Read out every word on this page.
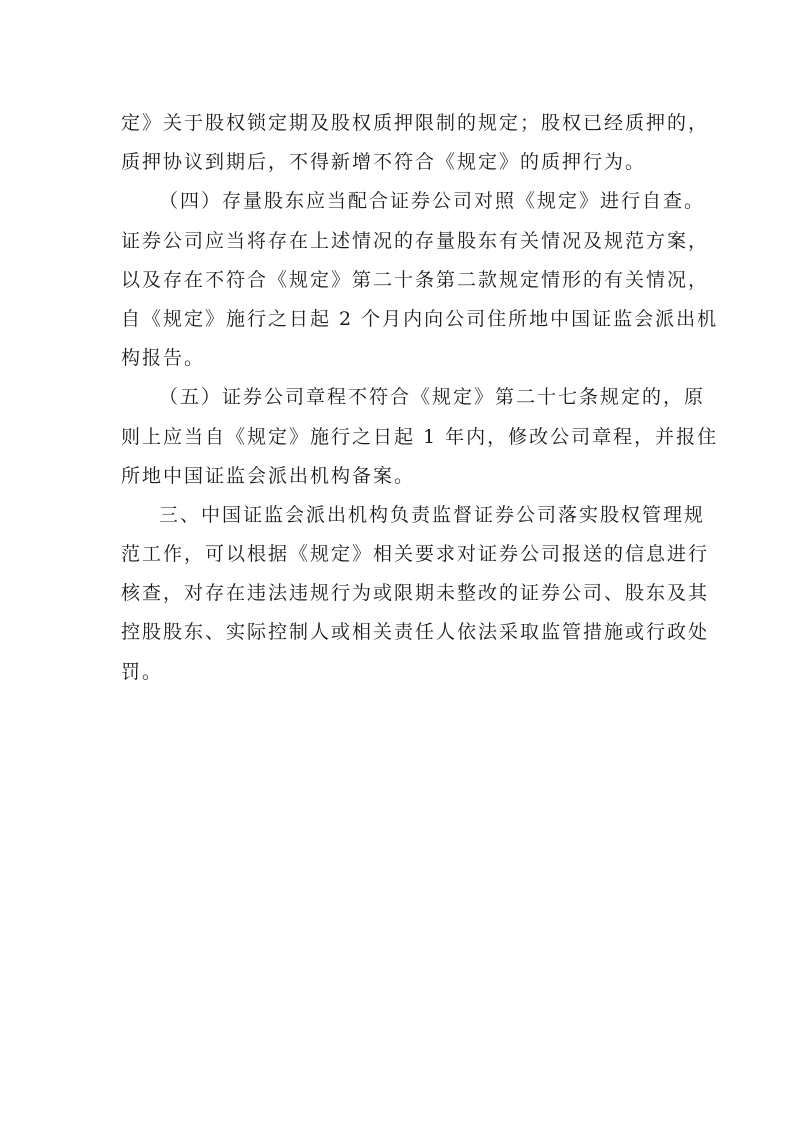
定》关于股权锁定期及股权质押限制的规定；股权已经质押的，
质押协议到期后，不得新增不符合《规定》的质押行为。
（四）存量股东应当配合证券公司对照《规定》进行自查。
证券公司应当将存在上述情况的存量股东有关情况及规范方案，
以及存在不符合《规定》第二十条第二款规定情形的有关情况，
自《规定》施行之日起 2 个月内向公司住所地中国证监会派出机
构报告。
（五）证券公司章程不符合《规定》第二十七条规定的，原
则上应当自《规定》施行之日起 1 年内，修改公司章程，并报住
所地中国证监会派出机构备案。
三、中国证监会派出机构负责监督证券公司落实股权管理规
范工作，可以根据《规定》相关要求对证券公司报送的信息进行
核查，对存在违法违规行为或限期未整改的证券公司、股东及其
控股股东、实际控制人或相关责任人依法采取监管措施或行政处
罚。
